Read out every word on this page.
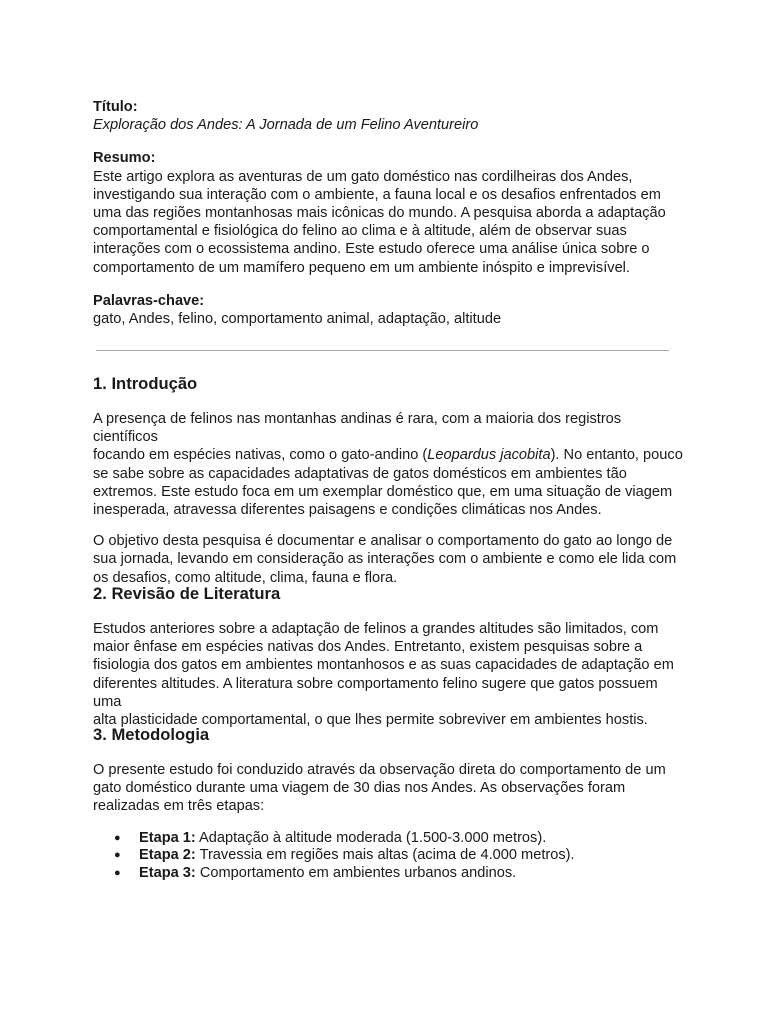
Título:

Exploração dos Andes: A Jornada de um Felino Aventureiro

Resumo:

Este artigo explora as aventuras de um gato doméstico nas cordilheiras dos Andes,

investigando sua interação com o ambiente, a fauna local e os desafios enfrentados em

uma das regiões montanhosas mais icônicas do mundo. A pesquisa aborda a adaptação

comportamental e fisiológica do felino ao clima e à altitude, além de observar suas

interações com o ecossistema andino. Este estudo oferece uma análise única sobre o

comportamento de um mamífero pequeno em um ambiente inóspito e imprevisível.

Palavras-chave:

gato, Andes, felino, comportamento animal, adaptação, altitude

1. Introdução

A presença de felinos nas montanhas andinas é rara, com a maioria dos registros científicos

focando em espécies nativas, como o gato-andino (Leopardus jacobita). No entanto, pouco

se sabe sobre as capacidades adaptativas de gatos domésticos em ambientes tão

extremos. Este estudo foca em um exemplar doméstico que, em uma situação de viagem

inesperada, atravessa diferentes paisagens e condições climáticas nos Andes.

O objetivo desta pesquisa é documentar e analisar o comportamento do gato ao longo de

sua jornada, levando em consideração as interações com o ambiente e como ele lida com

os desafios, como altitude, clima, fauna e flora.

2. Revisão de Literatura

Estudos anteriores sobre a adaptação de felinos a grandes altitudes são limitados, com

maior ênfase em espécies nativas dos Andes. Entretanto, existem pesquisas sobre a

fisiologia dos gatos em ambientes montanhosos e as suas capacidades de adaptação em

diferentes altitudes. A literatura sobre comportamento felino sugere que gatos possuem uma

alta plasticidade comportamental, o que lhes permite sobreviver em ambientes hostis.

3. Metodologia

O presente estudo foi conduzido através da observação direta do comportamento de um

gato doméstico durante uma viagem de 30 dias nos Andes. As observações foram

realizadas em três etapas:

● Etapa 1: Adaptação à altitude moderada (1.500-3.000 metros).
● Etapa 2: Travessia em regiões mais altas (acima de 4.000 metros).
● Etapa 3: Comportamento em ambientes urbanos andinos.
